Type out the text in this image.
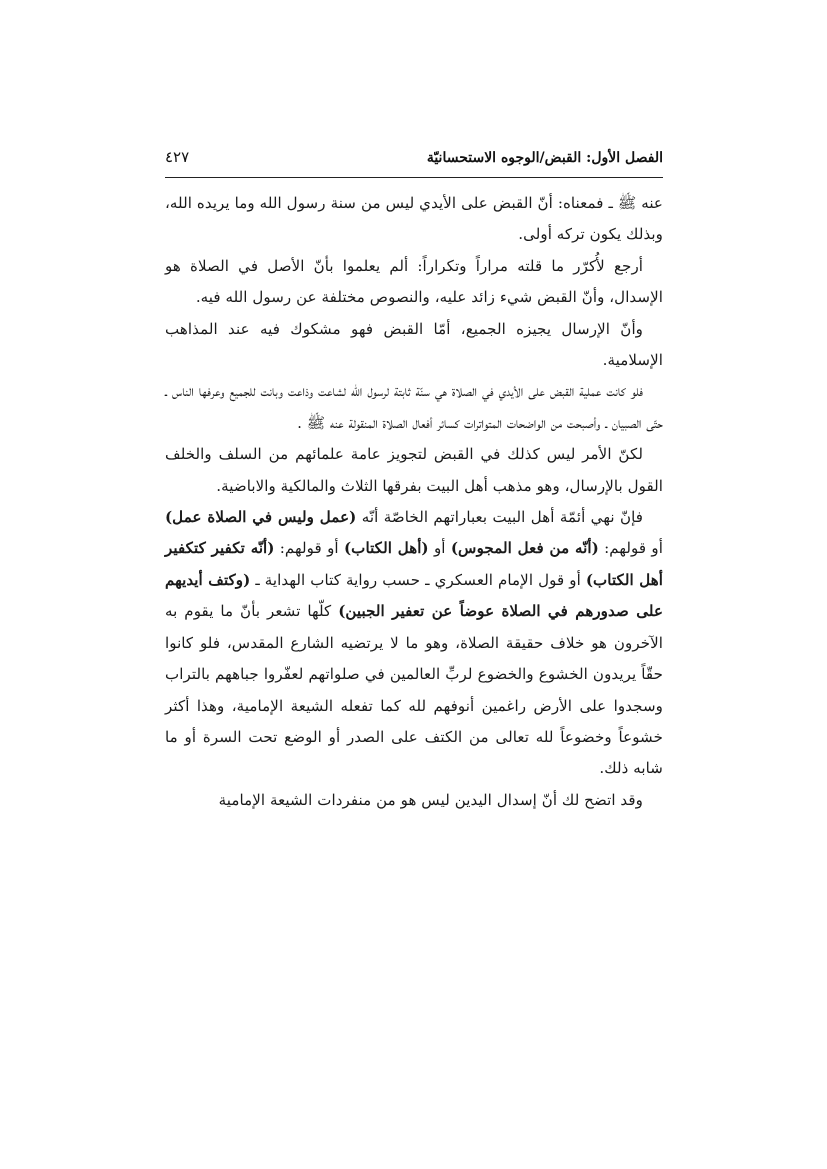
الفصل الأول: القبض/الوجوه الاستحسانيّة
٤٢٧

عنه ﷺ ـ فمعناه: أنّ القبض على الأيدي ليس من سنة رسول الله وما يريده الله، وبذلك يكون تركه أولى.

أرجع لأُكرّر ما قلته مراراً وتكراراً: ألم يعلموا بأنّ الأصل في الصلاة هو الإسدال، وأنّ القبض شيء زائد عليه، والنصوص مختلفة عن رسول الله فيه.

وأنّ الإرسال يجيزه الجميع، أمّا القبض فهو مشكوك فيه عند المذاهب الإسلامية.

فلو كانت عملية القبض على الأيدي في الصلاة هي سنّة ثابتة لرسول الله لشاعت وذاعت وبانت للجميع وعرفها الناس ـ حتّى الصبيان ـ وأصبحت من الواضحات المتواترات كسائر أفعال الصلاة المنقولة عنه ﷺ .

لكنّ الأمر ليس كذلك في القبض لتجويز عامة علمائهم من السلف والخلف القول بالإرسال، وهو مذهب أهل البيت بفرقها الثلاث والمالكية والاباضية.

فإنّ نهي أئمّة أهل البيت بعباراتهم الخاصّة أنّه (عمل وليس في الصلاة عمل) أو قولهم: (أنّه من فعل المجوس) أو (أهل الكتاب) أو قولهم: (أنّه تكفير كتكفير أهل الكتاب) أو قول الإمام العسكري ـ حسب رواية كتاب الهداية ـ (وكتف أيديهم على صدورهم في الصلاة عوضاً عن تعفير الجبين) كلّها تشعر بأنّ ما يقوم به الآخرون هو خلاف حقيقة الصلاة، وهو ما لا يرتضيه الشارع المقدس، فلو كانوا حقّاً يريدون الخشوع والخضوع لربِّ العالمين في صلواتهم لعفّروا جباههم بالتراب وسجدوا على الأرض راغمين أنوفهم لله كما تفعله الشيعة الإمامية، وهذا أكثر خشوعاً وخضوعاً لله تعالى من الكتف على الصدر أو الوضع تحت السرة أو ما شابه ذلك.

وقد اتضح لك أنّ إسدال اليدين ليس هو من منفردات الشيعة الإمامية
